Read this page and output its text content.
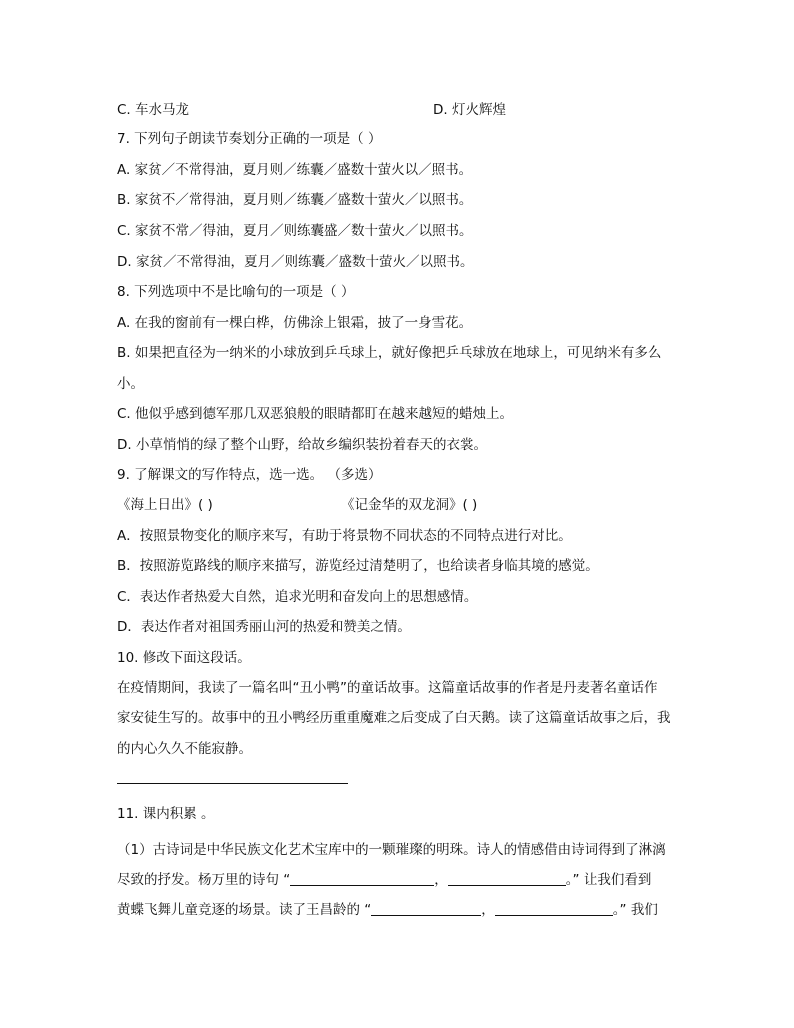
C. 车水马龙	D. 灯火辉煌
7. 下列句子朗读节奏划分正确的一项是（ ）
A. 家贫／不常得油，夏月则／练囊／盛数十萤火以／照书。
B. 家贫不／常得油，夏月则／练囊／盛数十萤火／以照书。
C. 家贫不常／得油，夏月／则练囊盛／数十萤火／以照书。
D. 家贫／不常得油，夏月／则练囊／盛数十萤火／以照书。
8. 下列选项中不是比喻句的一项是（ ）
A. 在我的窗前有一棵白桦，仿佛涂上银霜，披了一身雪花。
B. 如果把直径为一纳米的小球放到乒乓球上，就好像把乒乓球放在地球上，可见纳米有多么
小。
C. 他似乎感到德军那几双恶狼般的眼睛都盯在越来越短的蜡烛上。
D. 小草悄悄的绿了整个山野，给故乡编织装扮着春天的衣裳。
9. 了解课文的写作特点，选一选。 （多选）
《海上日出》( )	《记金华的双龙洞》( )
A．按照景物变化的顺序来写，有助于将景物不同状态的不同特点进行对比。
B．按照游览路线的顺序来描写，游览经过清楚明了，也给读者身临其境的感觉。
C．表达作者热爱大自然，追求光明和奋发向上的思想感情。
D．表达作者对祖国秀丽山河的热爱和赞美之情。
10. 修改下面这段话。
在疫情期间，我读了一篇名叫“丑小鸭”的童话故事。这篇童话故事的作者是丹麦著名童话作
家安徒生写的。故事中的丑小鸭经历重重魔难之后变成了白天鹅。读了这篇童话故事之后，我
的内心久久不能寂静。
11. 课内积累 。
（1）古诗词是中华民族文化艺术宝库中的一颗璀璨的明珠。诗人的情感借由诗词得到了淋漓
尽致的抒发。杨万里的诗句 “	，	。” 让我们看到
黄蝶飞舞儿童竞逐的场景。读了王昌龄的 “	，	。” 我们
